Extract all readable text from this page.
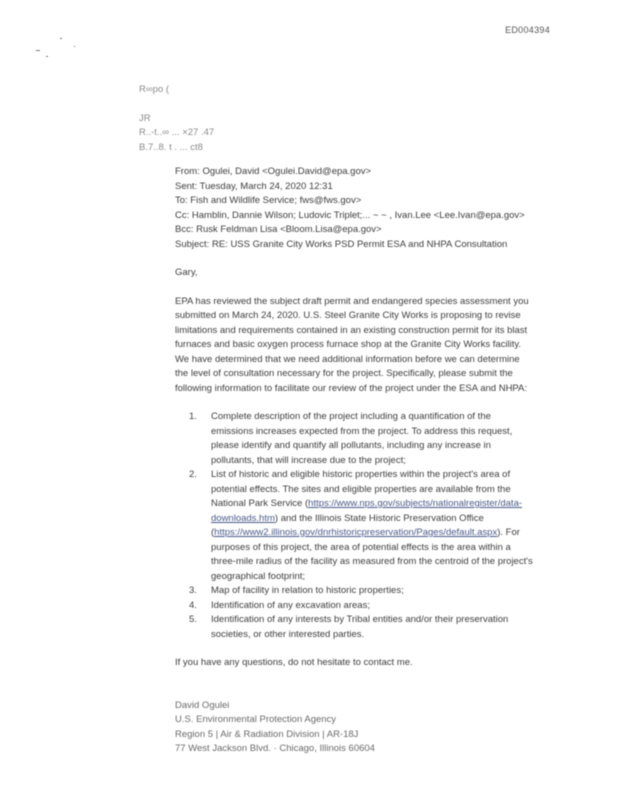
ED004394
R∞po (
JR
R..-t..∞ ... ×27 .47
B.7..8. t . ... ct8
From: Ogulei, David <Ogulei.David@epa.gov>
Sent: Tuesday, March 24, 2020 12:31
To: Fish and Wildlife Service; fws@fws.gov>
Cc: Hamblin, Dannie Wilson; Ludovic Triplet;... ~ ~ , Ivan.Lee <Lee.Ivan@epa.gov>
Bcc: Rusk Feldman Lisa <Bloom.Lisa@epa.gov>
Subject: RE: USS Granite City Works PSD Permit ESA and NHPA Consultation
Gary,
EPA has reviewed the subject draft permit and endangered species assessment you submitted on March 24, 2020. U.S. Steel Granite City Works is proposing to revise limitations and requirements contained in an existing construction permit for its blast furnaces and basic oxygen process furnace shop at the Granite City Works facility. We have determined that we need additional information before we can determine the level of consultation necessary for the project. Specifically, please submit the following information to facilitate our review of the project under the ESA and NHPA:
1. Complete description of the project including a quantification of the emissions increases expected from the project. To address this request, please identify and quantify all pollutants, including any increase in pollutants, that will increase due to the project;
2. List of historic and eligible historic properties within the project's area of potential effects. The sites and eligible properties are available from the National Park Service (https://www.nps.gov/subjects/nationalregister/data-downloads.htm) and the Illinois State Historic Preservation Office (https://www2.illinois.gov/dnrhistoricpreservation/Pages/default.aspx). For purposes of this project, the area of potential effects is the area within a three-mile radius of the facility as measured from the centroid of the project's geographical footprint;
3. Map of facility in relation to historic properties;
4. Identification of any excavation areas;
5. Identification of any interests by Tribal entities and/or their preservation societies, or other interested parties.
If you have any questions, do not hesitate to contact me.
David Ogulei
U.S. Environmental Protection Agency
Region 5 | Air & Radiation Division | AR-18J
77 West Jackson Blvd. · Chicago, Illinois 60604
